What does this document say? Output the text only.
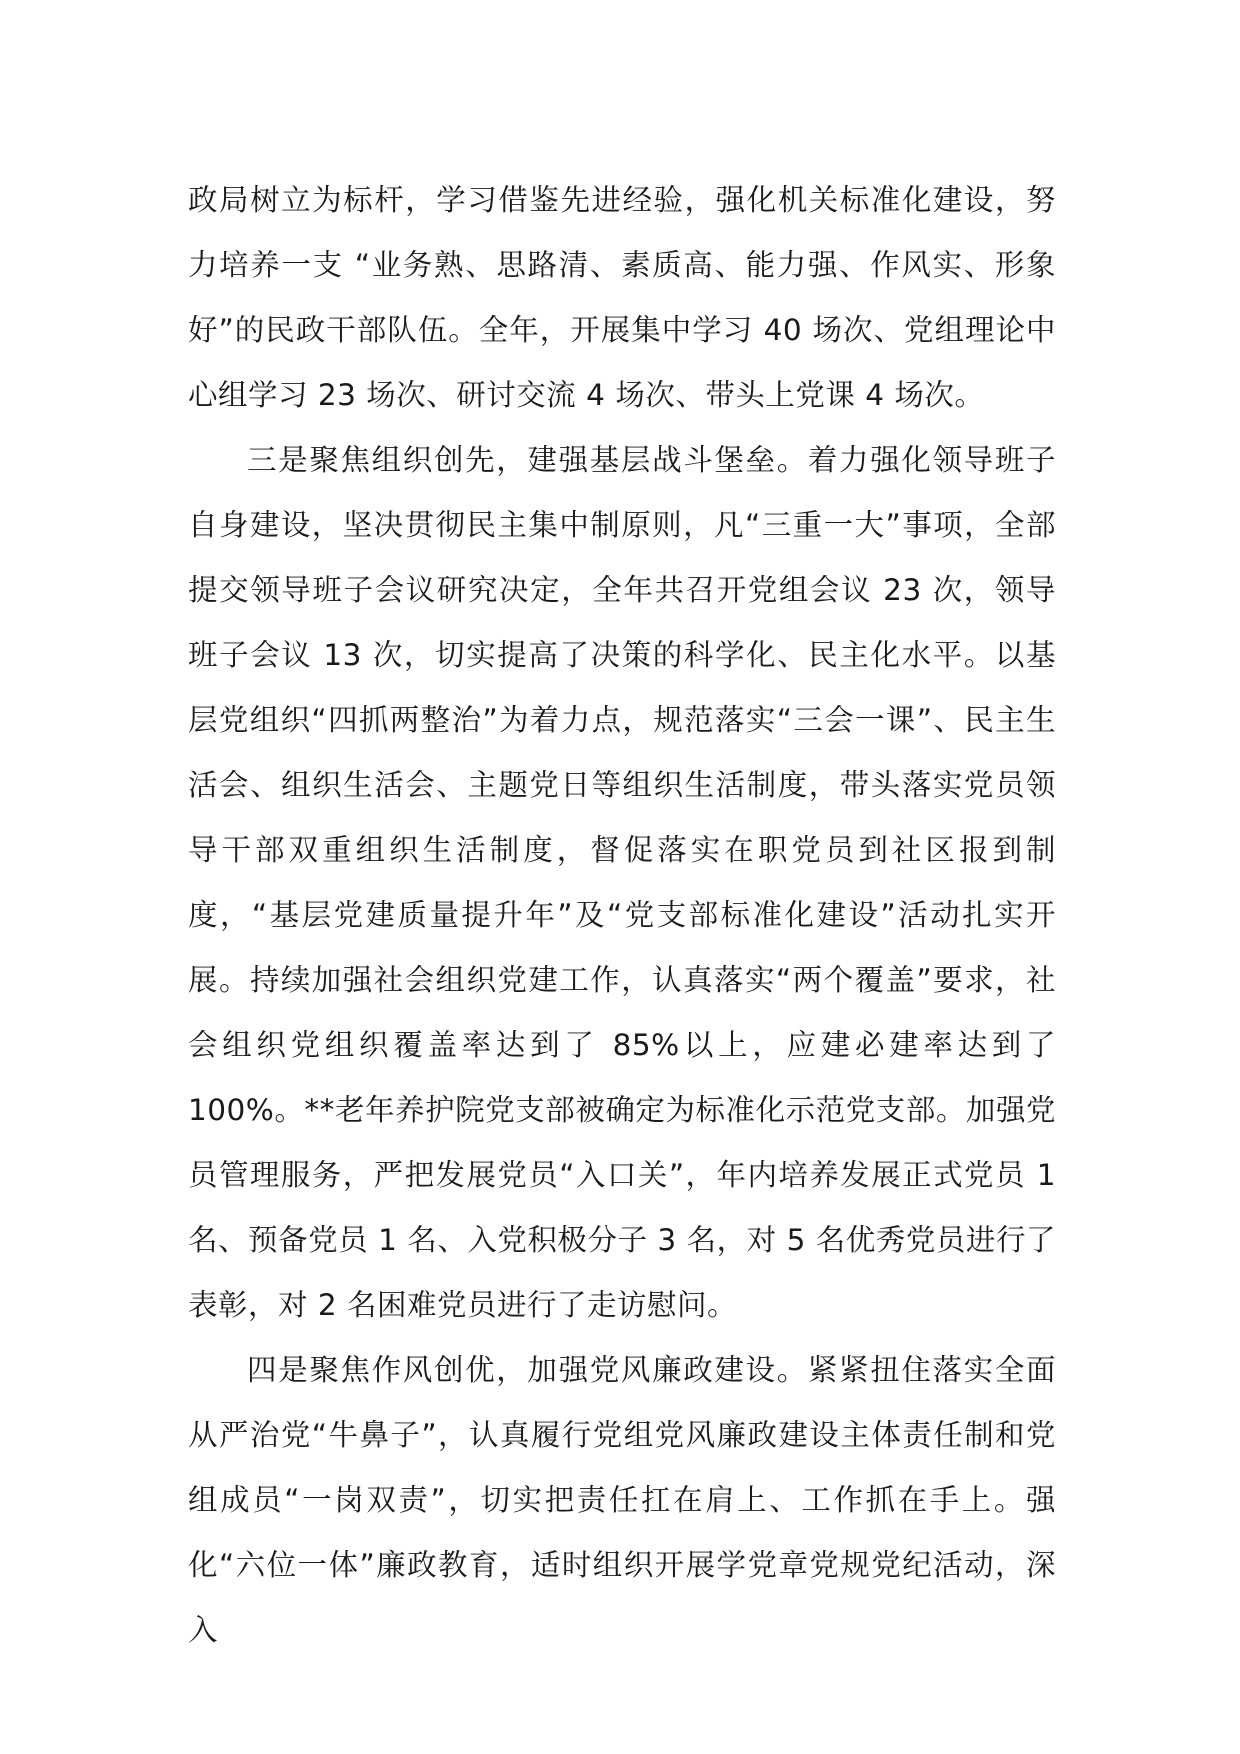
政局树立为标杆，学习借鉴先进经验，强化机关标准化建设，努力培养一支 “业务熟、思路清、素质高、能力强、作风实、形象好”的民政干部队伍。全年，开展集中学习 40 场次、党组理论中心组学习 23 场次、研讨交流 4 场次、带头上党课 4 场次。

三是聚焦组织创先，建强基层战斗堡垒。着力强化领导班子自身建设，坚决贯彻民主集中制原则，凡“三重一大”事项，全部提交领导班子会议研究决定，全年共召开党组会议 23 次，领导班子会议 13 次，切实提高了决策的科学化、民主化水平。以基层党组织“四抓两整治”为着力点，规范落实“三会一课”、民主生活会、组织生活会、主题党日等组织生活制度，带头落实党员领导干部双重组织生活制度，督促落实在职党员到社区报到制度，“基层党建质量提升年”及“党支部标准化建设”活动扎实开展。持续加强社会组织党建工作，认真落实“两个覆盖”要求，社会组织党组织覆盖率达到了 85%以上，应建必建率达到了 100%。**老年养护院党支部被确定为标准化示范党支部。加强党员管理服务，严把发展党员“入口关”，年内培养发展正式党员 1 名、预备党员 1 名、入党积极分子 3 名，对 5 名优秀党员进行了表彰，对 2 名困难党员进行了走访慰问。

四是聚焦作风创优，加强党风廉政建设。紧紧扭住落实全面从严治党“牛鼻子”，认真履行党组党风廉政建设主体责任制和党组成员“一岗双责”，切实把责任扛在肩上、工作抓在手上。强化“六位一体”廉政教育，适时组织开展学党章党规党纪活动，深入
